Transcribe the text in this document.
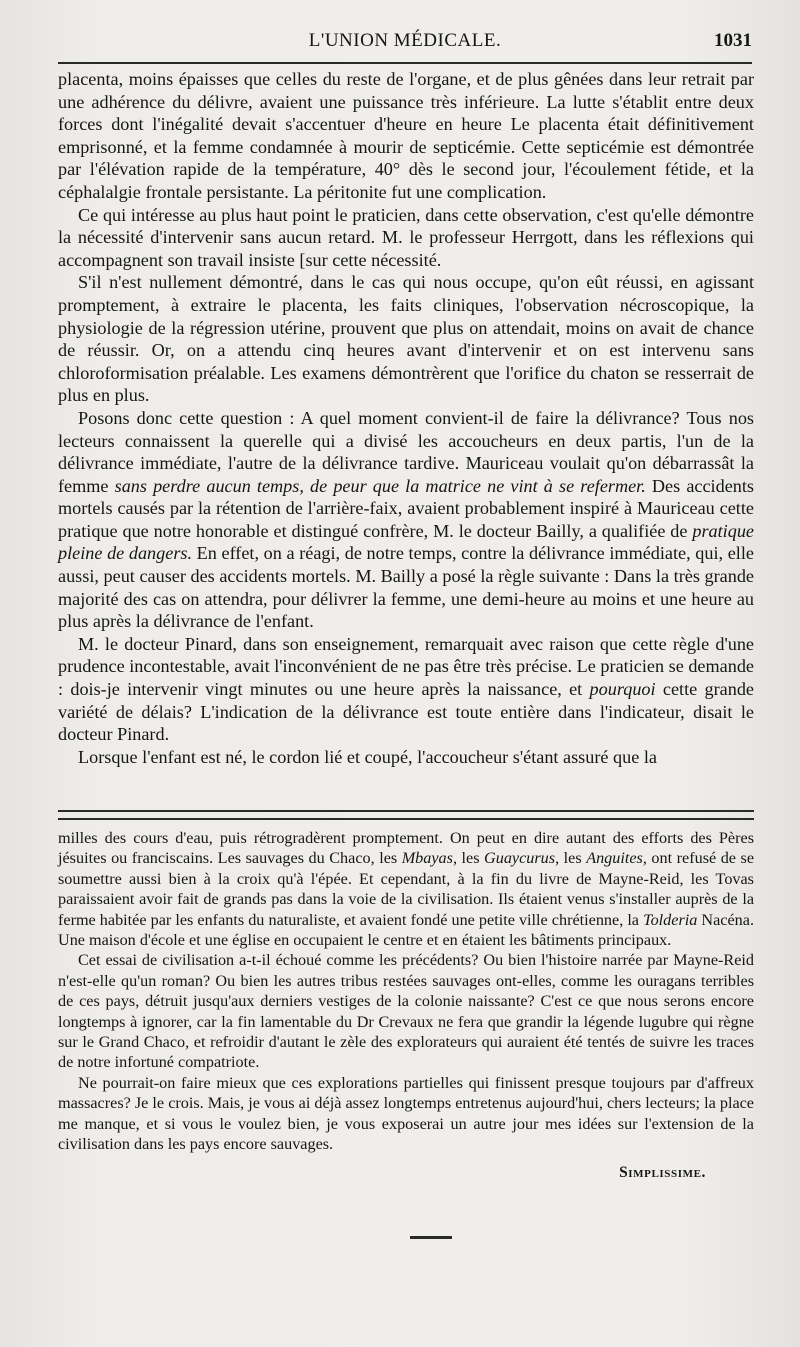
L'UNION MÉDICALE.	1031

placenta, moins épaisses que celles du reste de l'organe, et de plus gênées dans leur retrait par une adhérence du délivre, avaient une puissance très inférieure. La lutte s'établit entre deux forces dont l'inégalité devait s'accentuer d'heure en heure Le placenta était définitivement emprisonné, et la femme condamnée à mourir de septicémie. Cette septicémie est démontrée par l'élévation rapide de la température, 40° dès le second jour, l'écoulement fétide, et la céphalalgie frontale persistante. La péritonite fut une complication.

Ce qui intéresse au plus haut point le praticien, dans cette observation, c'est qu'elle démontre la nécessité d'intervenir sans aucun retard. M. le professeur Herrgott, dans les réflexions qui accompagnent son travail insiste [sur cette nécessité.

S'il n'est nullement démontré, dans le cas qui nous occupe, qu'on eût réussi, en agissant promptement, à extraire le placenta, les faits cliniques, l'observation nécroscopique, la physiologie de la régression utérine, prouvent que plus on attendait, moins on avait de chance de réussir. Or, on a attendu cinq heures avant d'intervenir et on est intervenu sans chloroformisation préalable. Les examens démontrèrent que l'orifice du chaton se resserrait de plus en plus.

Posons donc cette question : A quel moment convient-il de faire la délivrance? Tous nos lecteurs connaissent la querelle qui a divisé les accoucheurs en deux partis, l'un de la délivrance immédiate, l'autre de la délivrance tardive. Mauriceau voulait qu'on débarrassât la femme sans perdre aucun temps, de peur que la matrice ne vint à se refermer. Des accidents mortels causés par la rétention de l'arrière-faix, avaient probablement inspiré à Mauriceau cette pratique que notre honorable et distingué confrère, M. le docteur Bailly, a qualifiée de pratique pleine de dangers. En effet, on a réagi, de notre temps, contre la délivrance immédiate, qui, elle aussi, peut causer des accidents mortels. M. Bailly a posé la règle suivante : Dans la très grande majorité des cas on attendra, pour délivrer la femme, une demi-heure au moins et une heure au plus après la délivrance de l'enfant.

M. le docteur Pinard, dans son enseignement, remarquait avec raison que cette règle d'une prudence incontestable, avait l'inconvénient de ne pas être très précise. Le praticien se demande : dois-je intervenir vingt minutes ou une heure après la naissance, et pourquoi cette grande variété de délais? L'indication de la délivrance est toute entière dans l'indicateur, disait le docteur Pinard.

Lorsque l'enfant est né, le cordon lié et coupé, l'accoucheur s'étant assuré que la

milles des cours d'eau, puis rétrogradèrent promptement. On peut en dire autant des efforts des Pères jésuites ou franciscains. Les sauvages du Chaco, les Mbayas, les Guaycurus, les Anguites, ont refusé de se soumettre aussi bien à la croix qu'à l'épée. Et cependant, à la fin du livre de Mayne-Reid, les Tovas paraissaient avoir fait de grands pas dans la voie de la civilisation. Ils étaient venus s'installer auprès de la ferme habitée par les enfants du naturaliste, et avaient fondé une petite ville chrétienne, la Tolderia Nacéna. Une maison d'école et une église en occupaient le centre et en étaient les bâtiments principaux.

Cet essai de civilisation a-t-il échoué comme les précédents? Ou bien l'histoire narrée par Mayne-Reid n'est-elle qu'un roman? Ou bien les autres tribus restées sauvages ont-elles, comme les ouragans terribles de ces pays, détruit jusqu'aux derniers vestiges de la colonie naissante? C'est ce que nous serons encore longtemps à ignorer, car la fin lamentable du Dr Crevaux ne fera que grandir la légende lugubre qui règne sur le Grand Chaco, et refroidir d'autant le zèle des explorateurs qui auraient été tentés de suivre les traces de notre infortuné compatriote.

Ne pourrait-on faire mieux que ces explorations partielles qui finissent presque toujours par d'affreux massacres? Je le crois. Mais, je vous ai déjà assez longtemps entretenus aujourd'hui, chers lecteurs; la place me manque, et si vous le voulez bien, je vous exposerai un autre jour mes idées sur l'extension de la civilisation dans les pays encore sauvages.

Simplissime.
